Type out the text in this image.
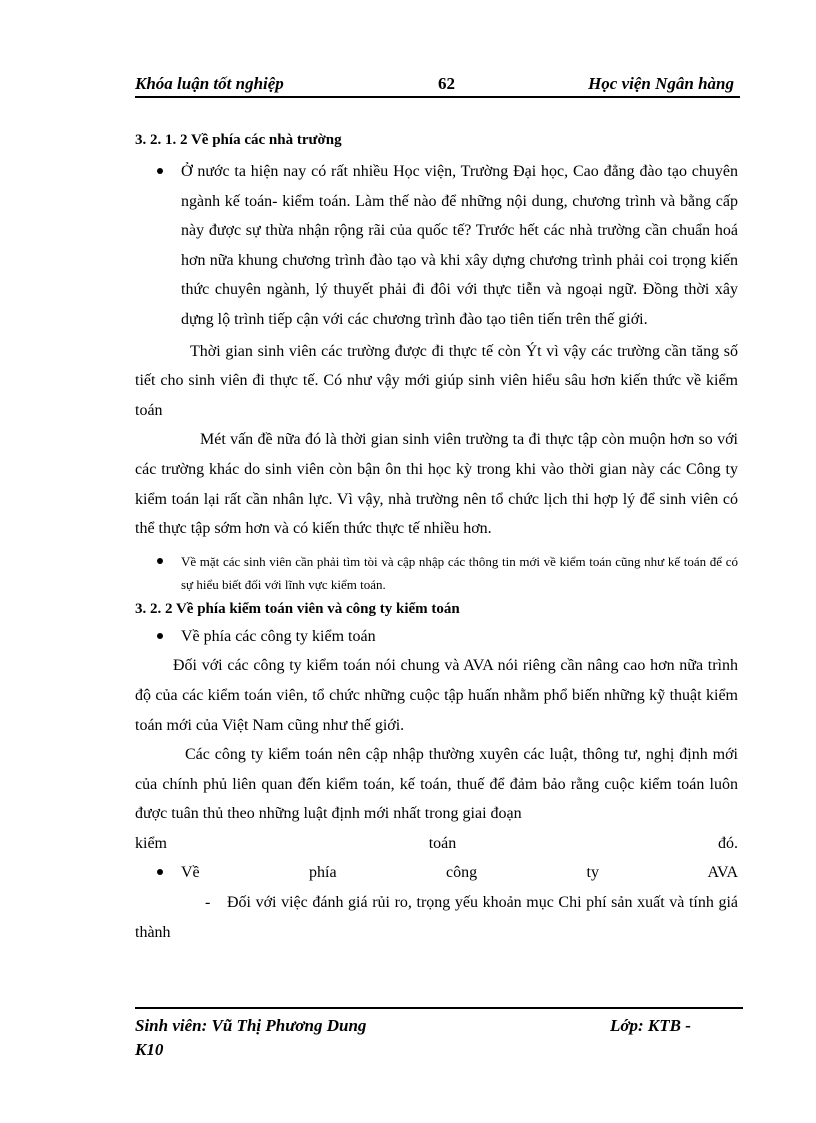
Khóa luận tốt nghiệp	62	Học viện Ngân hàng

3. 2. 1. 2 Về phía các nhà trường

Ở nước ta hiện nay có rất nhiều Học viện, Trường Đại học, Cao đẳng đào tạo chuyên ngành kế toán- kiểm toán. Làm thế nào để những nội dung, chương trình và bằng cấp này được sự thừa nhận rộng rãi của quốc tế? Trước hết các nhà trường cần chuẩn hoá hơn nữa khung chương trình đào tạo và khi xây dựng chương trình phải coi trọng kiến thức chuyên ngành, lý thuyết phải đi đôi với thực tiễn và ngoại ngữ. Đồng thời xây dựng lộ trình tiếp cận với các chương trình đào tạo tiên tiến trên thế giới.

Thời gian sinh viên các trường được đi thực tế còn Ýt vì vậy các trường cần tăng số tiết cho sinh viên đi thực tế. Có như vậy mới giúp sinh viên hiểu sâu hơn kiến thức về kiểm toán

Mét vấn đề nữa đó là thời gian sinh viên trường ta đi thực tập còn muộn hơn so với các trường khác do sinh viên còn bận ôn thi học kỳ trong khi vào thời gian này các Công ty kiểm toán lại rất cần nhân lực. Vì vậy, nhà trường nên tổ chức lịch thi hợp lý để sinh viên có thể thực tập sớm hơn và có kiến thức thực tế nhiều hơn.

Về mặt các sinh viên cần phải tìm tòi và cập nhập các thông tin mới về kiểm toán cũng như kế toán để có sự hiểu biết đối với lĩnh vực kiểm toán.

3. 2. 2 Về phía kiểm toán viên và công ty kiểm toán

Về phía các công ty kiểm toán

Đối với các công ty kiểm toán nói chung và AVA nói riêng cần nâng cao hơn nữa trình độ của các kiểm toán viên, tổ chức những cuộc tập huấn nhằm phổ biến những kỹ thuật kiểm toán mới của Việt Nam cũng như thế giới.

Các công ty kiểm toán nên cập nhập thường xuyên các luật, thông tư, nghị định mới của chính phủ liên quan đến kiểm toán, kế toán, thuế để đảm bảo rằng cuộc kiểm toán luôn được tuân thủ theo những luật định mới nhất trong giai đoạn

kiểm toán đó.

Về phía công ty AVA

- Đối với việc đánh giá rủi ro, trọng yếu khoản mục Chi phí sản xuất và tính giá thành

Sinh viên: Vũ Thị Phương Dung	Lớp: KTB -
K10
